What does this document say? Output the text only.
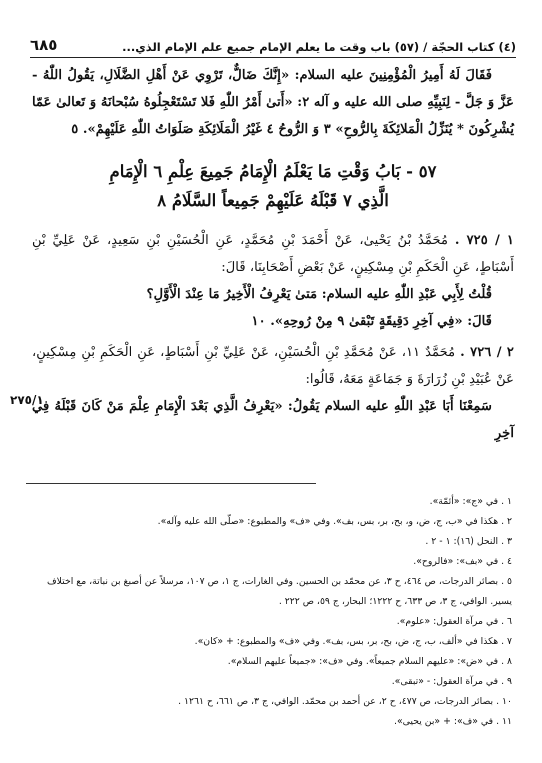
(٤) كتاب الحجّة / (٥٧) باب وقت ما يعلم الإمام جميع علم الإمام الذي...
٦٨٥

فَقَالَ لَهُ أَمِيرُ الْمُؤْمِنِينَ عليه السلام: «إِنَّكَ ضَالٌّ، تَرْوِي عَنْ أَهْلِ الضَّلَالِ، يَقُولُ اللّٰهُ - عَزَّ وَ جَلَّ - لِنَبِيِّهِ صلى الله عليه و آله ٢: «أَتىٰ أَمْرُ اللّٰهِ فَلا تَسْتَعْجِلُوهُ سُبْحانَهُ وَ تَعالىٰ عَمّا يُشْرِكُونَ * يُنَزِّلُ الْمَلائِكَةَ بِالرُّوحِ» ٣ وَ الرُّوحُ ٤ غَيْرُ الْمَلَائِكَةِ صَلَوَاتُ اللّٰهِ عَلَيْهِمْ». ٥

٥٧ - بَابُ وَقْتِ مَا يَعْلَمُ الْإِمَامُ جَمِيعَ عِلْمِ ٦ الْإِمَامِ
الَّذِي ٧ قَبْلَهُ عَلَيْهِمْ جَمِيعاً السَّلَامُ ٨

١ / ٧٢٥ . مُحَمَّدُ بْنُ يَحْيىٰ، عَنْ أَحْمَدَ بْنِ مُحَمَّدٍ، عَنِ الْحُسَيْنِ بْنِ سَعِيدٍ، عَنْ عَلِيِّ بْنِ أَسْبَاطٍ، عَنِ الْحَكَمِ بْنِ مِسْكِينٍ، عَنْ بَعْضِ أَصْحَابِنَا، قَالَ:

قُلْتُ لِأَبِي عَبْدِ اللّٰهِ عليه السلام: مَتىٰ يَعْرِفُ الْأَخِيرُ مَا عِنْدَ الْأَوَّلِ؟

قَالَ: «فِي آخِرِ دَقِيقَةٍ تَبْقىٰ ٩ مِنْ رُوحِهِ». ١٠

٢ / ٧٢٦ . مُحَمَّدٌ ١١، عَنْ مُحَمَّدِ بْنِ الْحُسَيْنِ، عَنْ عَلِيِّ بْنِ أَسْبَاطٍ، عَنِ الْحَكَمِ بْنِ مِسْكِينٍ، عَنْ عُبَيْدِ بْنِ زُرَارَةَ وَ جَمَاعَةٍ مَعَهُ، قَالُوا:

سَمِعْنَا أَبَا عَبْدِ اللّٰهِ عليه السلام يَقُولُ: «يَعْرِفُ الَّذِي بَعْدَ الْإِمَامِ عِلْمَ مَنْ كَانَ قَبْلَهُ فِي آخِرِ

٢٧٥/١

١ . في «ج»: «أئمّة».

٢ . هكذا في «ب، ج، ض، و، بح، بر، بس، بف». وفي «ف» والمطبوع: «صلّى الله عليه وآله».

٣ . النحل (١٦): ١ - ٢ .

٤ . في «بف»: «فالروح».

٥ . بصائر الدرجات، ص ٤٦٤، ح ٣، عن محمّد بن الحسين. وفي الغارات، ج ١، ص ١٠٧، مرسلاً عن أصبغ بن نباتة، مع اختلاف يسير. الوافي، ج ٣، ص ٦٣٣، ح ١٢٢٢؛ البحار، ج ٥٩، ص ٢٢٢ .

٦ . في مرآة العقول: «علوم».

٧ . هكذا في «ألف، ب، ج، ض، بح، بر، بس، بف». وفي «ف» والمطبوع: + «كان».

٨ . في «ض»: «عليهم السلام جميعاً». وفي «ف»: «جميعاً عليهم السلام».

٩ . في مرآة العقول: - «تبقى».

١٠ . بصائر الدرجات، ص ٤٧٧، ح ٢، عن أحمد بن محمّد. الوافي، ج ٣، ص ٦٦١، ح ١٢٦١ .

١١ . في «ف»: + «بن يحيى».
